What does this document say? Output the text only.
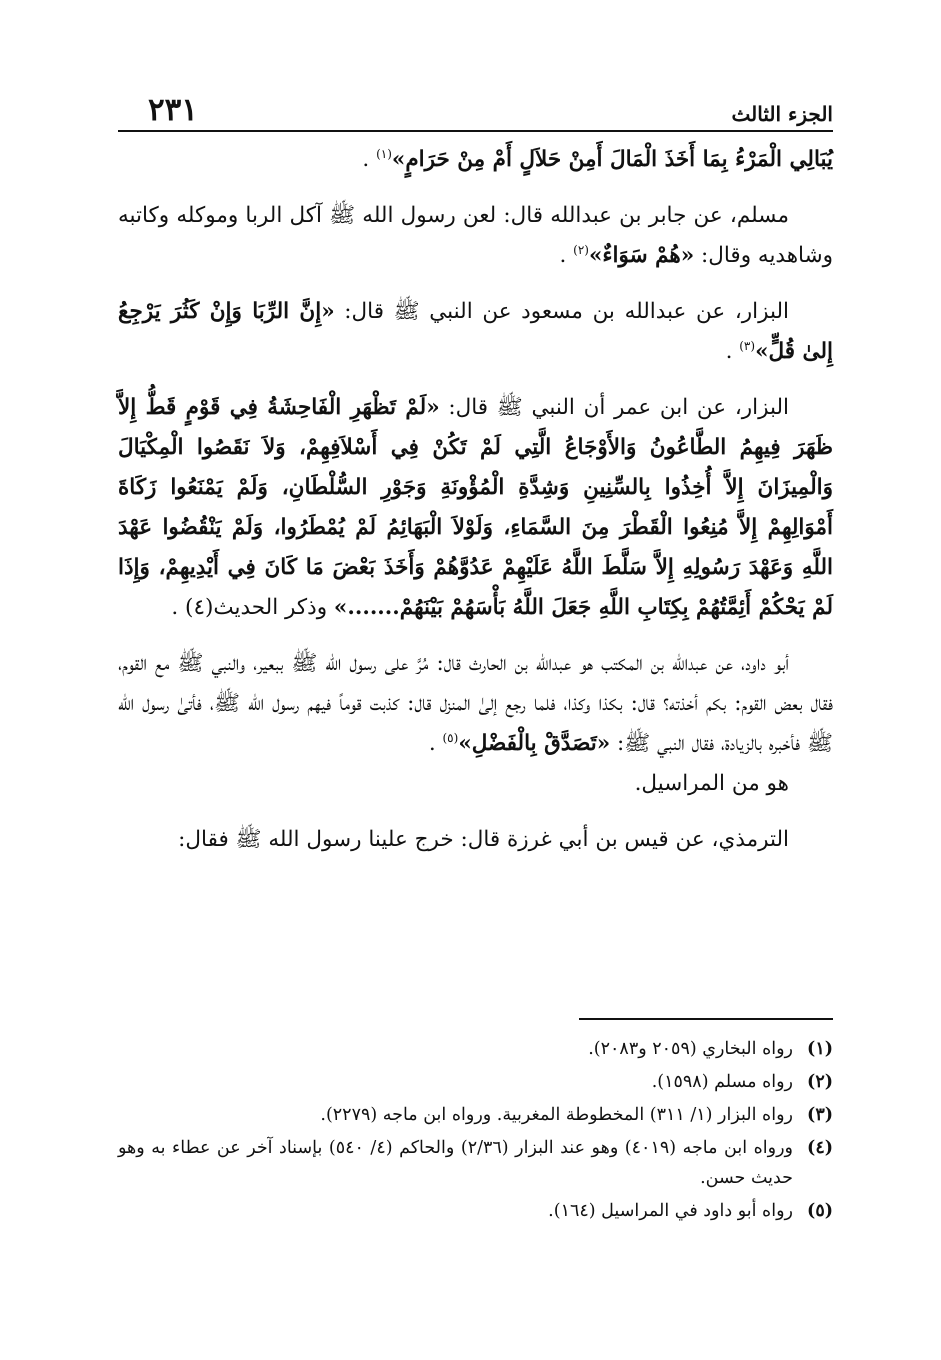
٢٣١	الجزء الثالث

يُبَالِي الْمَرْءُ بِمَا أَخَذَ الْمَالَ أَمِنْ حَلاَلٍ أَمْ مِنْ حَرَامٍ»$^{(١)}$ .

مسلم، عن جابر بن عبدالله قال: لعن رسول الله ﷺ آكل الربا وموكله وكاتبه وشاهديه وقال: «هُمْ سَوَاءٌ»$^{(٢)}$ .

البزار، عن عبدالله بن مسعود عن النبي ﷺ قال: «إِنَّ الرِّبَا وَإِنْ كَثُرَ يَرْجِعُ إِلىٰ قُلٍّ»$^{(٣)}$ .

البزار، عن ابن عمر أن النبي ﷺ قال: «لَمْ تَظْهَرِ الْفَاحِشَةُ فِي قَوْمٍ قَطُّ إِلاَّ ظَهَرَ فِيهِمُ الطَّاعُونُ وَالأَوْجَاعُ الَّتِي لَمْ تَكُنْ فِي أَسْلاَفِهِمْ، وَلاَ نَقَصُوا الْمِكْيَالَ وَالْمِيزَانَ إِلاَّ أُخِذُوا بِالسِّنِينِ وَشِدَّةِ الْمُؤْونَةِ وَجَوْرِ السُّلْطَانِ، وَلَمْ يَمْنَعُوا زَكَاةَ أَمْوَالِهِمْ إِلاَّ مُنِعُوا الْقَطْرَ مِنَ السَّمَاءِ، وَلَوْلاَ الْبَهَائِمُ لَمْ يُمْطَرُوا، وَلَمْ يَنْقُضُوا عَهْدَ اللَّهِ وَعَهْدَ رَسُولِهِ إِلاَّ سَلَّطَ اللَّهُ عَلَيْهِمْ عَدُوَّهُمْ وَأَخَذَ بَعْضَ مَا كَانَ فِي أَيْدِيهِمْ، وَإِذَا لَمْ يَحْكُمْ أَئِمَّتُهُمْ بِكِتَابِ اللَّهِ جَعَلَ اللَّهُ بَأْسَهُمْ بَيْنَهُمْ.......» وذكر الحديث(٤) .

أبو داود، عن عبدالله بن المكتب هو عبدالله بن الحارث قال: مُرَّ على رسول الله ﷺ ببعير، والنبي ﷺ مع القوم، فقال بعض القوم: بكم أخذته؟ قال: بكذا وكذا، فلما رجع إلىٰ المنزل قال: كذبت قوماً فيهم رسول الله ﷺ، فأتىٰ رسول الله ﷺ فأخبره بالزيادة، فقال النبي ﷺ: «تَصَدَّقْ بِالْفَضْلِ»$^{(٥)}$ .

هو من المراسيل.

الترمذي، عن قيس بن أبي غرزة قال: خرج علينا رسول الله ﷺ فقال:

(١)
رواه البخاري (٢٠٥٩ و٢٠٨٣).
(٢)
رواه مسلم (١٥٩٨).
(٣)
رواه البزار (١/ ٣١١) المخطوطة المغربية. ورواه ابن ماجه (٢٢٧٩).
(٤)
ورواه ابن ماجه (٤٠١٩) وهو عند البزار (٢/٣٦) والحاكم (٤/ ٥٤٠) بإسناد آخر عن عطاء به وهو حديث حسن.
(٥)
رواه أبو داود في المراسيل (١٦٤).
